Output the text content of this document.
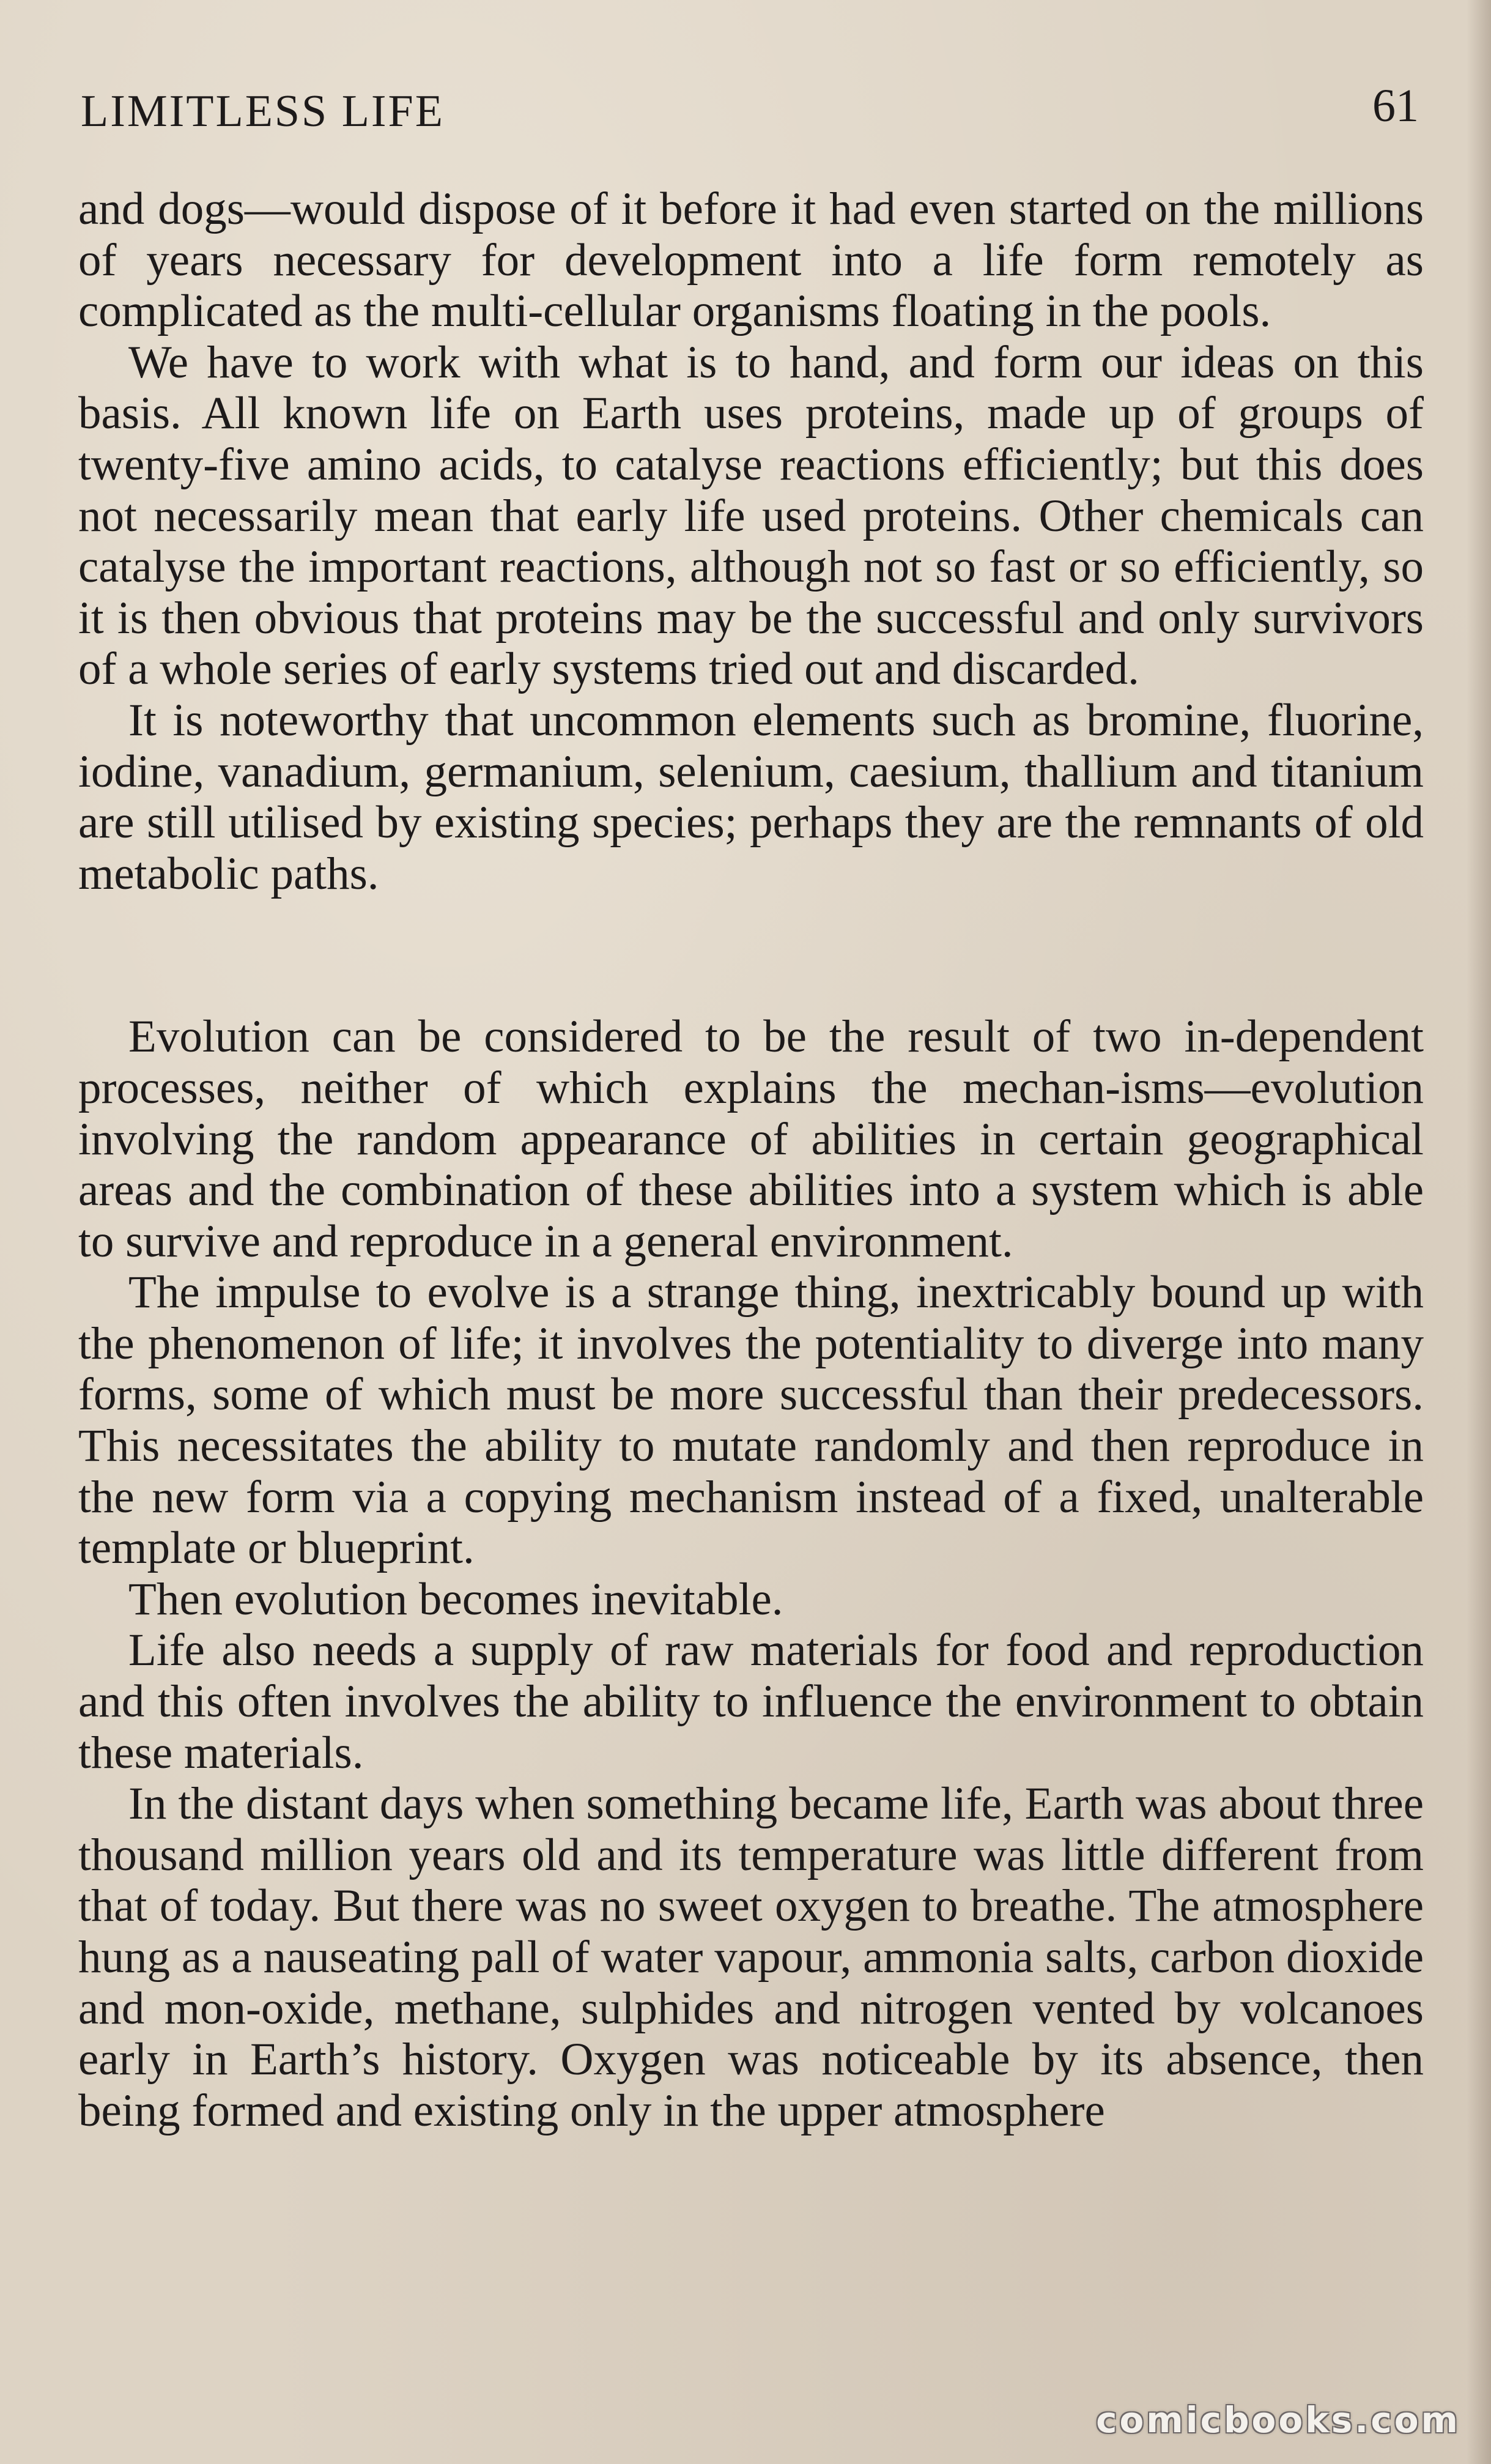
LIMITLESS LIFE	61

and dogs—would dispose of it before it had even started on the millions of years necessary for development into a life form remotely as complicated as the multi-cellular organisms floating in the pools.

We have to work with what is to hand, and form our ideas on this basis. All known life on Earth uses proteins, made up of groups of twenty-five amino acids, to catalyse reactions efficiently; but this does not necessarily mean that early life used proteins. Other chemicals can catalyse the important reactions, although not so fast or so efficiently, so it is then obvious that proteins may be the successful and only survivors of a whole series of early systems tried out and discarded.

It is noteworthy that uncommon elements such as bromine, fluorine, iodine, vanadium, germanium, selenium, caesium, thallium and titanium are still utilised by existing species; perhaps they are the remnants of old metabolic paths.

Evolution can be considered to be the result of two in-dependent processes, neither of which explains the mechan-isms—evolution involving the random appearance of abilities in certain geographical areas and the combination of these abilities into a system which is able to survive and reproduce in a general environment.

The impulse to evolve is a strange thing, inextricably bound up with the phenomenon of life; it involves the potentiality to diverge into many forms, some of which must be more successful than their predecessors. This necessitates the ability to mutate randomly and then reproduce in the new form via a copying mechanism instead of a fixed, unalterable template or blueprint.

Then evolution becomes inevitable.

Life also needs a supply of raw materials for food and reproduction and this often involves the ability to influence the environment to obtain these materials.

In the distant days when something became life, Earth was about three thousand million years old and its temperature was little different from that of today. But there was no sweet oxygen to breathe. The atmosphere hung as a nauseating pall of water vapour, ammonia salts, carbon dioxide and mon-oxide, methane, sulphides and nitrogen vented by volcanoes early in Earth’s history. Oxygen was noticeable by its absence, then being formed and existing only in the upper atmosphere

comicbooks.com
